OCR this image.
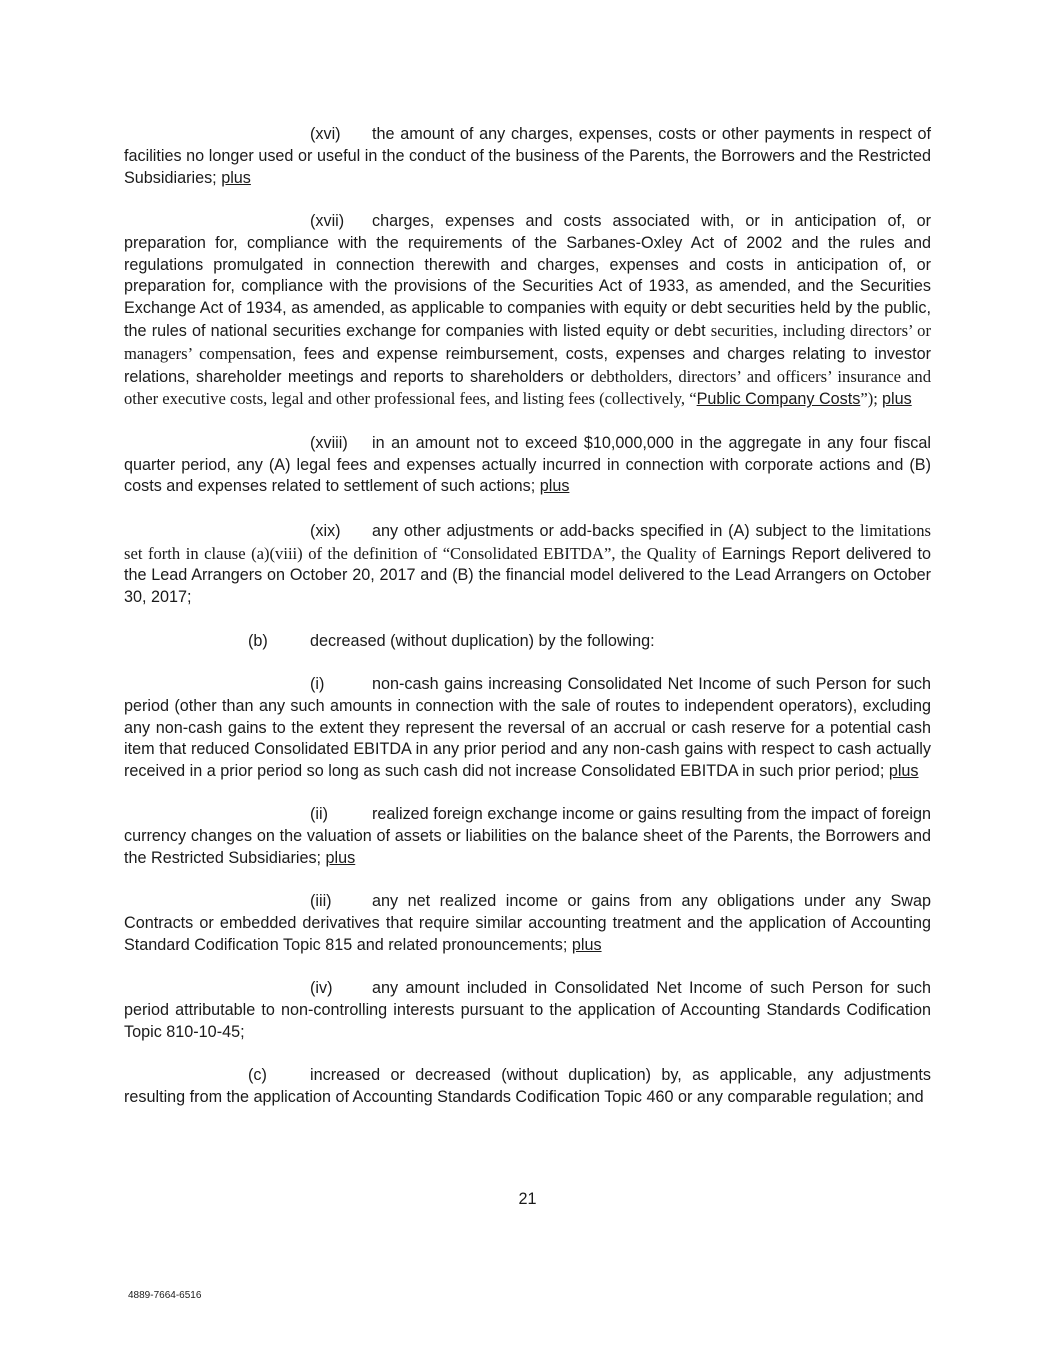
(xvi) the amount of any charges, expenses, costs or other payments in respect of facilities no longer used or useful in the conduct of the business of the Parents, the Borrowers and the Restricted Subsidiaries; plus

(xvii) charges, expenses and costs associated with, or in anticipation of, or preparation for, compliance with the requirements of the Sarbanes-Oxley Act of 2002 and the rules and regulations promulgated in connection therewith and charges, expenses and costs in anticipation of, or preparation for, compliance with the provisions of the Securities Act of 1933, as amended, and the Securities Exchange Act of 1934, as amended, as applicable to companies with equity or debt securities held by the public, the rules of national securities exchange for companies with listed equity or debt securities, including directors’ or managers’ compensation, fees and expense reimbursement, costs, expenses and charges relating to investor relations, shareholder meetings and reports to shareholders or debtholders, directors’ and officers’ insurance and other executive costs, legal and other professional fees, and listing fees (collectively, “Public Company Costs”); plus

(xviii) in an amount not to exceed $10,000,000 in the aggregate in any four fiscal quarter period, any (A) legal fees and expenses actually incurred in connection with corporate actions and (B) costs and expenses related to settlement of such actions; plus

(xix) any other adjustments or add-backs specified in (A) subject to the limitations set forth in clause (a)(viii) of the definition of “Consolidated EBITDA”, the Quality of Earnings Report delivered to the Lead Arrangers on October 20, 2017 and (B) the financial model delivered to the Lead Arrangers on October 30, 2017;

(b)	decreased (without duplication) by the following:

(i)	non-cash gains increasing Consolidated Net Income of such Person for such period (other than any such amounts in connection with the sale of routes to independent operators), excluding any non-cash gains to the extent they represent the reversal of an accrual or cash reserve for a potential cash item that reduced Consolidated EBITDA in any prior period and any non-cash gains with respect to cash actually received in a prior period so long as such cash did not increase Consolidated EBITDA in such prior period; plus

(ii)	realized foreign exchange income or gains resulting from the impact of foreign currency changes on the valuation of assets or liabilities on the balance sheet of the Parents, the Borrowers and the Restricted Subsidiaries; plus

(iii) any net realized income or gains from any obligations under any Swap Contracts or embedded derivatives that require similar accounting treatment and the application of Accounting Standard Codification Topic 815 and related pronouncements; plus

(iv) any amount included in Consolidated Net Income of such Person for such period attributable to non-controlling interests pursuant to the application of Accounting Standards Codification Topic 810-10-45;

(c)	increased or decreased (without duplication) by, as applicable, any adjustments resulting from the application of Accounting Standards Codification Topic 460 or any comparable regulation; and

21
4889-7664-6516
